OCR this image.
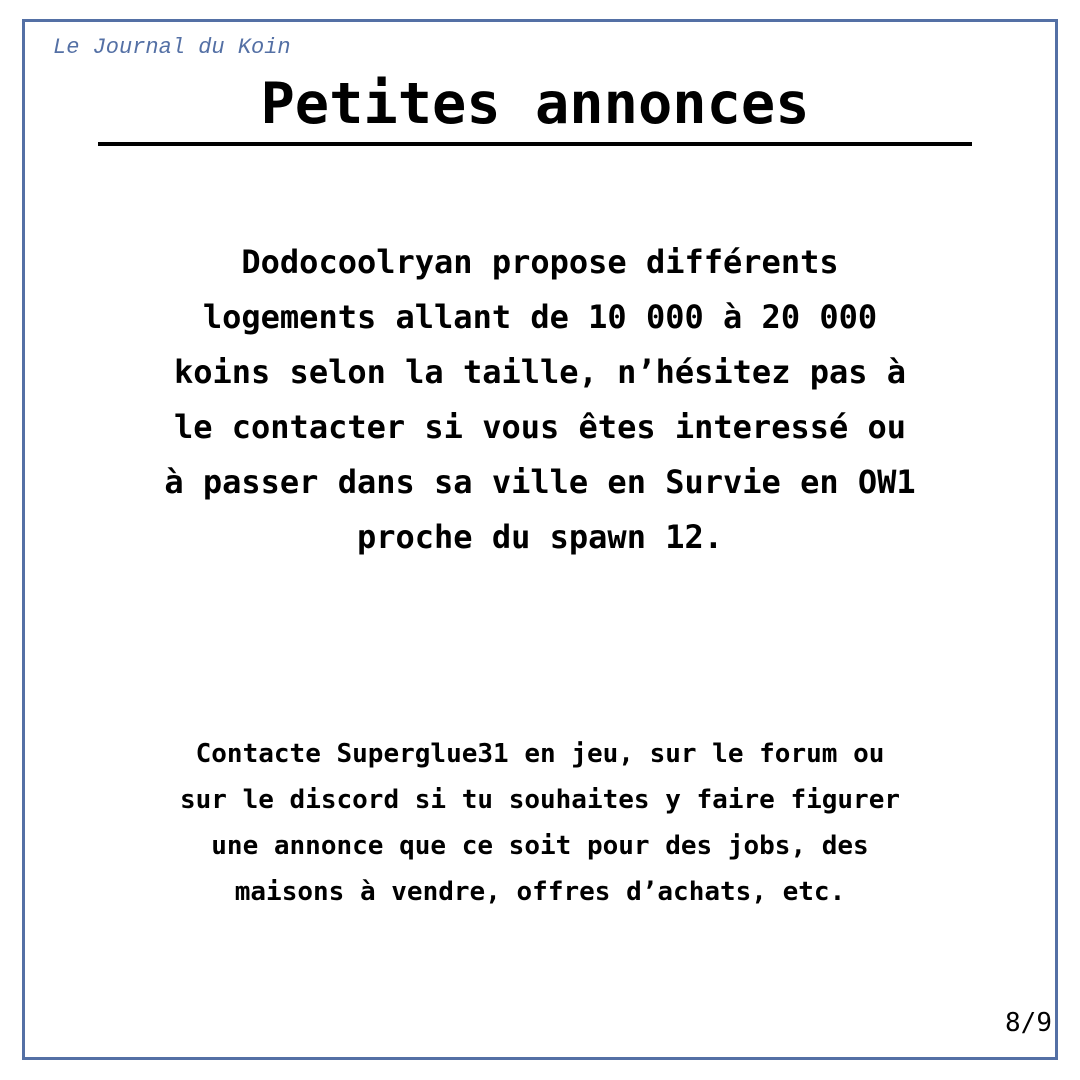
Le Journal du Koin
Petites annonces
Dodocoolryan propose différents
logements allant de 10 000 à 20 000
koins selon la taille, n’hésitez pas à
le contacter si vous êtes interessé ou
à passer dans sa ville en Survie en OW1
proche du spawn 12.
Contacte Superglue31 en jeu, sur le forum ou
sur le discord si tu souhaites y faire figurer
une annonce que ce soit pour des jobs, des
maisons à vendre, offres d’achats, etc.
8/9
